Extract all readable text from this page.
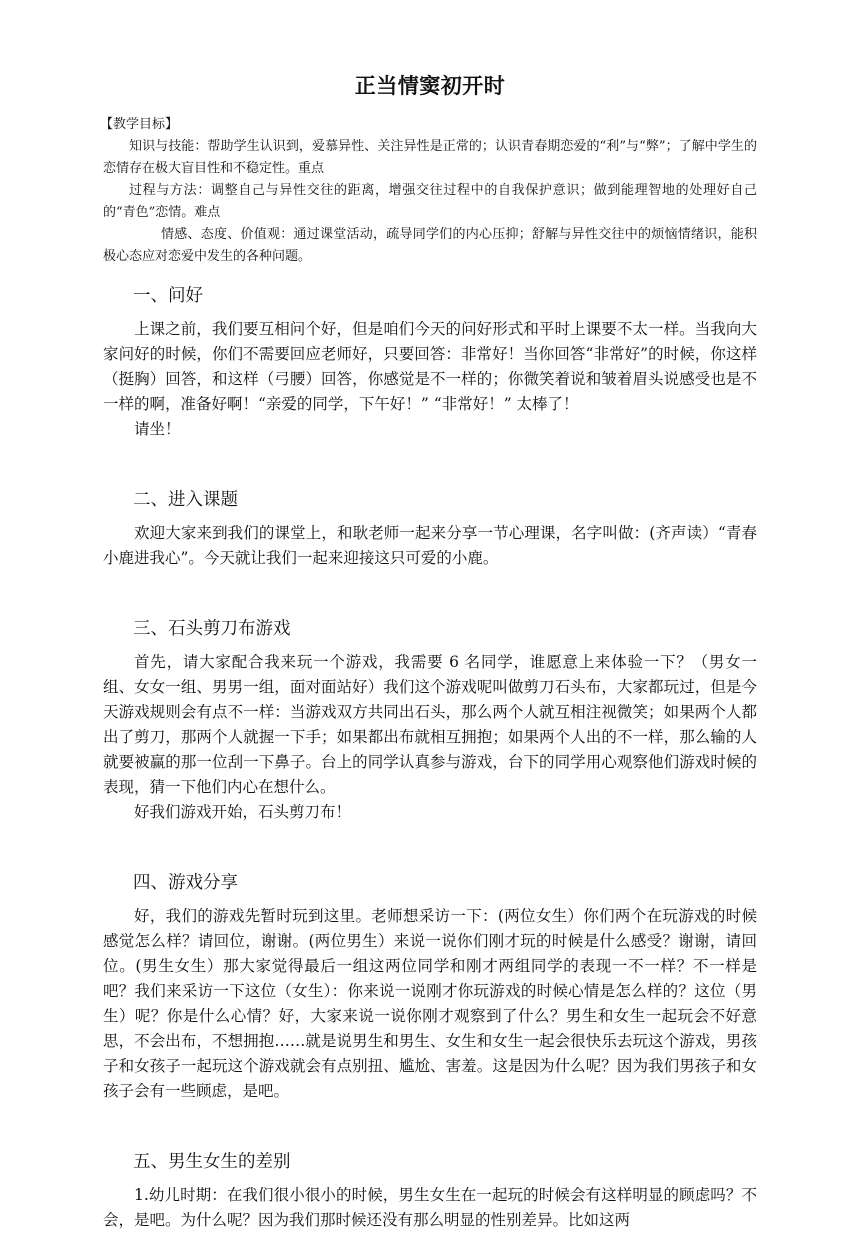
正当情窦初开时
【教学目标】

知识与技能：帮助学生认识到，爱慕异性、关注异性是正常的；认识青春期恋爱的“利”与“弊”；了解中学生的恋情存在极大盲目性和不稳定性。重点

过程与方法：调整自己与异性交往的距离，增强交往过程中的自我保护意识；做到能理智地的处理好自己的“青色”恋情。难点

情感、态度、价值观：通过课堂活动，疏导同学们的内心压抑；舒解与异性交往中的烦恼情绪识，能积极心态应对恋爱中发生的各种问题。

一、问好

上课之前，我们要互相问个好，但是咱们今天的问好形式和平时上课要不太一样。当我向大家问好的时候，你们不需要回应老师好，只要回答：非常好！当你回答“非常好”的时候，你这样（挺胸）回答，和这样（弓腰）回答，你感觉是不一样的；你微笑着说和皱着眉头说感受也是不一样的啊，准备好啊！“亲爱的同学，下午好！” “非常好！” 太棒了！

请坐！

二、进入课题

欢迎大家来到我们的课堂上，和耿老师一起来分享一节心理课，名字叫做：(齐声读）“青春小鹿进我心”。今天就让我们一起来迎接这只可爱的小鹿。

三、石头剪刀布游戏

首先，请大家配合我来玩一个游戏，我需要 6 名同学，谁愿意上来体验一下？（男女一组、女女一组、男男一组，面对面站好）我们这个游戏呢叫做剪刀石头布，大家都玩过，但是今天游戏规则会有点不一样：当游戏双方共同出石头，那么两个人就互相注视微笑；如果两个人都出了剪刀，那两个人就握一下手；如果都出布就相互拥抱；如果两个人出的不一样，那么输的人就要被赢的那一位刮一下鼻子。台上的同学认真参与游戏，台下的同学用心观察他们游戏时候的表现，猜一下他们内心在想什么。

好我们游戏开始，石头剪刀布！

四、游戏分享

好，我们的游戏先暂时玩到这里。老师想采访一下：(两位女生）你们两个在玩游戏的时候感觉怎么样？请回位，谢谢。(两位男生）来说一说你们刚才玩的时候是什么感受？谢谢，请回位。(男生女生）那大家觉得最后一组这两位同学和刚才两组同学的表现一不一样？不一样是吧？我们来采访一下这位（女生）：你来说一说刚才你玩游戏的时候心情是怎么样的？这位（男生）呢？你是什么心情？好，大家来说一说你刚才观察到了什么？男生和女生一起玩会不好意思，不会出布，不想拥抱……就是说男生和男生、女生和女生一起会很快乐去玩这个游戏，男孩子和女孩子一起玩这个游戏就会有点别扭、尴尬、害羞。这是因为什么呢？因为我们男孩子和女孩子会有一些顾虑，是吧。

五、男生女生的差别

1.幼儿时期：在我们很小很小的时候，男生女生在一起玩的时候会有这样明显的顾虑吗？不会，是吧。为什么呢？因为我们那时候还没有那么明显的性别差异。比如这两
